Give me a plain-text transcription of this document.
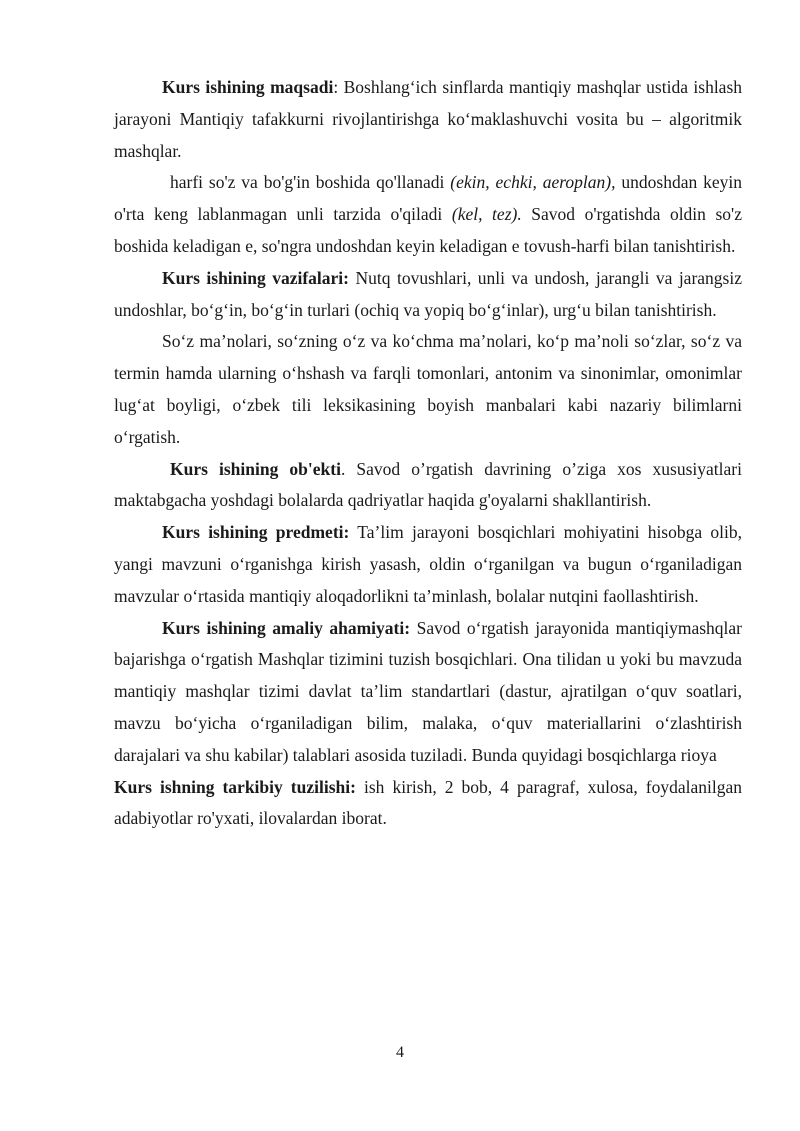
Kurs ishining maqsadi: Boshlang‘ich sinflarda mantiqiy mashqlar ustida ishlash jarayoni Mantiqiy tafakkurni rivojlantirishga ko‘maklashuvchi vosita bu – algoritmik mashqlar.

harfi so'z va bo'g'in boshida qo'llanadi (ekin, echki, aeroplan), undoshdan keyin o'rta keng lablanmagan unli tarzida o'qiladi (kel, tez). Savod o'rgatishda oldin so'z boshida keladigan e, so'ngra undoshdan keyin keladigan e tovush-harfi bilan tanishtirish.

Kurs ishining vazifalari: Nutq tovushlari, unli va undosh, jarangli va jarangsiz undoshlar, bo‘g‘in, bo‘g‘in turlari (ochiq va yopiq bo‘g‘inlar), urg‘u bilan tanishtirish.

So‘z ma’nolari, so‘zning o‘z va ko‘chma ma’nolari, ko‘p ma’noli so‘zlar, so‘z va termin hamda ularning o‘hshash va farqli tomonlari, antonim va sinonimlar, omonimlar lug‘at boyligi, o‘zbek tili leksikasining boyish manbalari kabi nazariy bilimlarni o‘rgatish.

Kurs ishining ob'ekti. Savod o’rgatish davrining o’ziga xos xususiyatlari maktabgacha yoshdagi bolalarda qadriyatlar haqida g'oyalarni shakllantirish.

Kurs ishining predmeti: Ta’lim jarayoni bosqichlari mohiyatini hisobga olib, yangi mavzuni o‘rganishga kirish yasash, oldin o‘rganilgan va bugun o‘rganiladigan mavzular o‘rtasida mantiqiy aloqadorlikni ta’minlash, bolalar nutqini faollashtirish.

Kurs ishining amaliy ahamiyati: Savod o‘rgatish jarayonida mantiqiymashqlar bajarishga o‘rgatish Mashqlar tizimini tuzish bosqichlari. Ona tilidan u yoki bu mavzuda mantiqiy mashqlar tizimi davlat ta’lim standartlari (dastur, ajratilgan o‘quv soatlari, mavzu bo‘yicha o‘rganiladigan bilim, malaka, o‘quv materiallarini o‘zlashtirish darajalari va shu kabilar) talablari asosida tuziladi. Bunda quyidagi bosqichlarga rioya

Kurs ishning tarkibiy tuzilishi: ish kirish, 2 bob, 4 paragraf, xulosa, foydalanilgan adabiyotlar ro'yxati, ilovalardan iborat.

4
